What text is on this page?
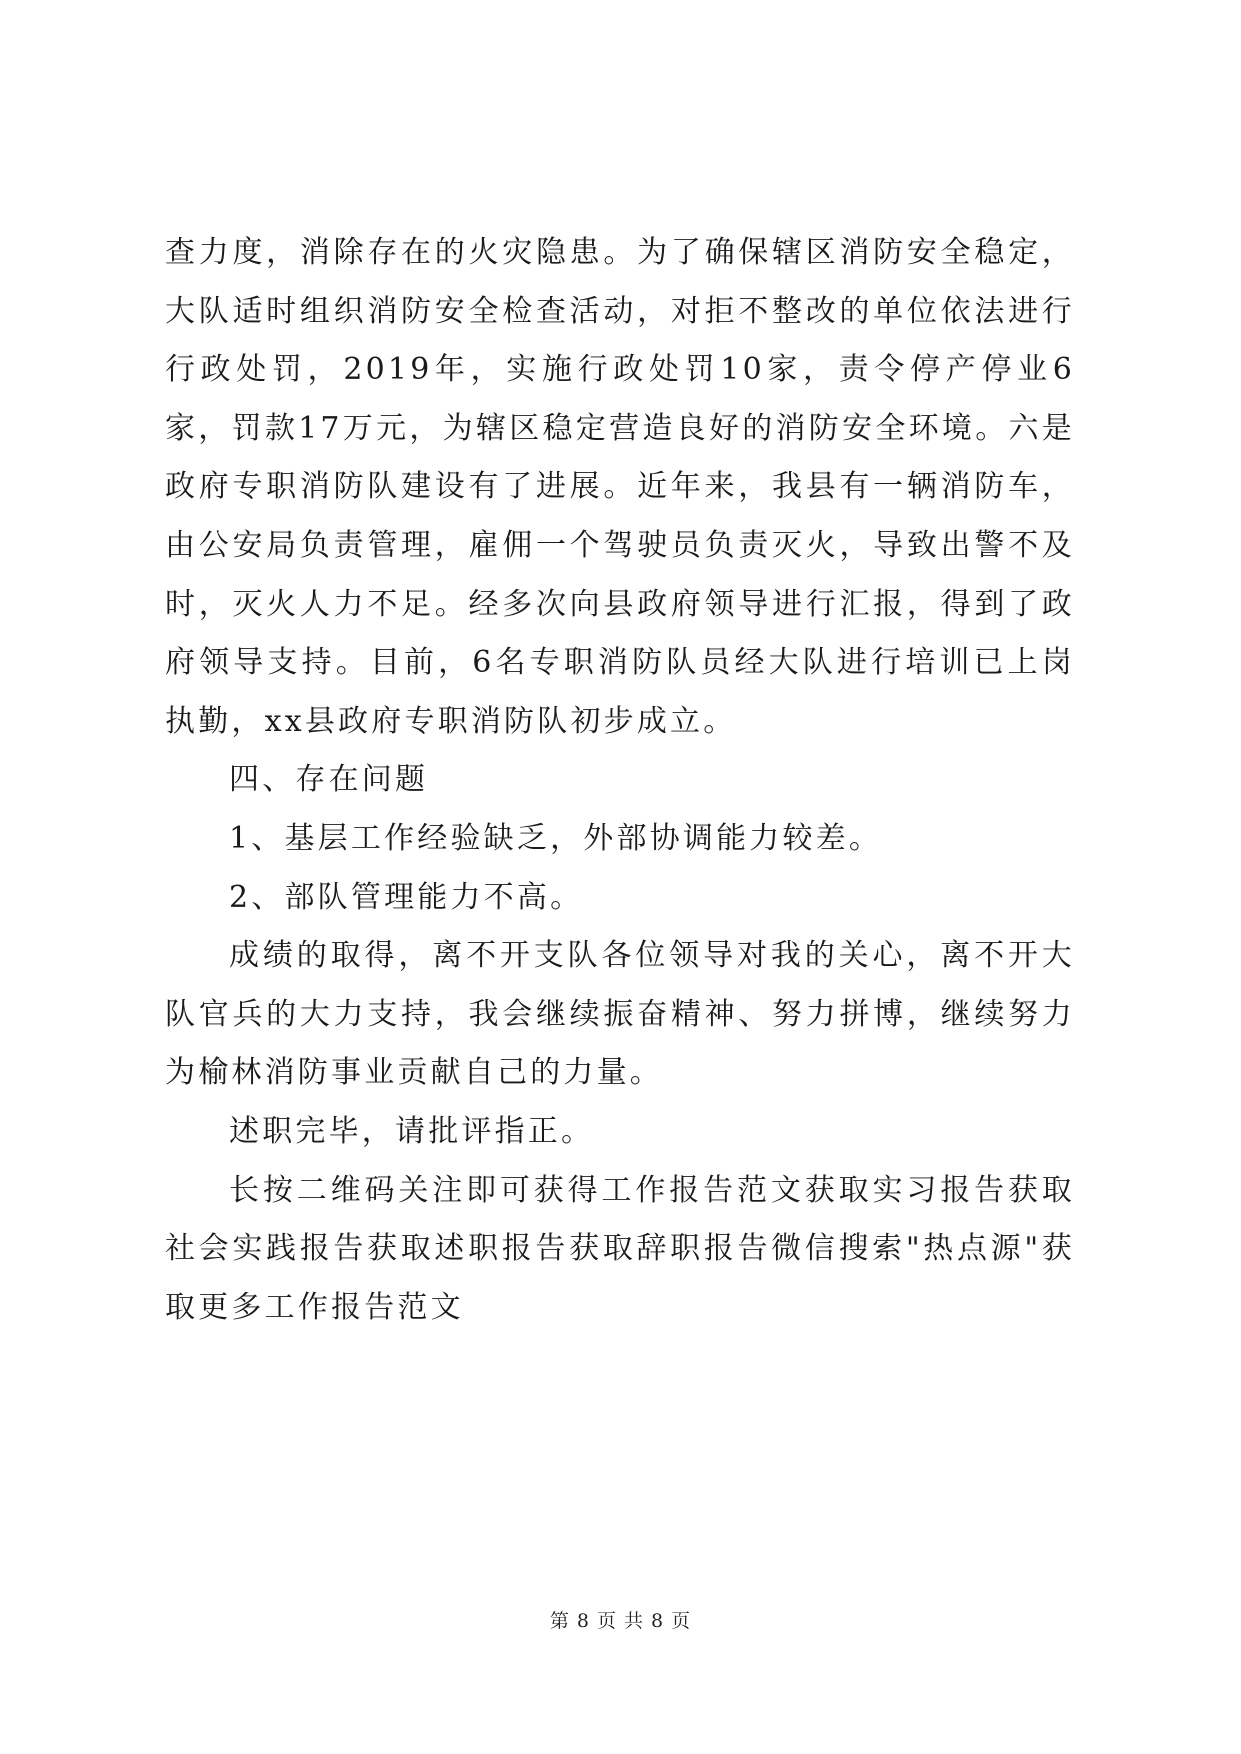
查力度，消除存在的火灾隐患。为了确保辖区消防安全稳定，大队适时组织消防安全检查活动，对拒不整改的单位依法进行行政处罚，2019年，实施行政处罚10家，责令停产停业6家，罚款17万元，为辖区稳定营造良好的消防安全环境。六是政府专职消防队建设有了进展。近年来，我县有一辆消防车，由公安局负责管理，雇佣一个驾驶员负责灭火，导致出警不及时，灭火人力不足。经多次向县政府领导进行汇报，得到了政府领导支持。目前，6名专职消防队员经大队进行培训已上岗执勤，xx县政府专职消防队初步成立。

四、存在问题

1、基层工作经验缺乏，外部协调能力较差。

2、部队管理能力不高。

成绩的取得，离不开支队各位领导对我的关心，离不开大队官兵的大力支持，我会继续振奋精神、努力拼博，继续努力为榆林消防事业贡献自己的力量。

述职完毕，请批评指正。

长按二维码关注即可获得工作报告范文获取实习报告获取社会实践报告获取述职报告获取辞职报告微信搜索"热点源"获取更多工作报告范文

第 8 页 共 8 页
